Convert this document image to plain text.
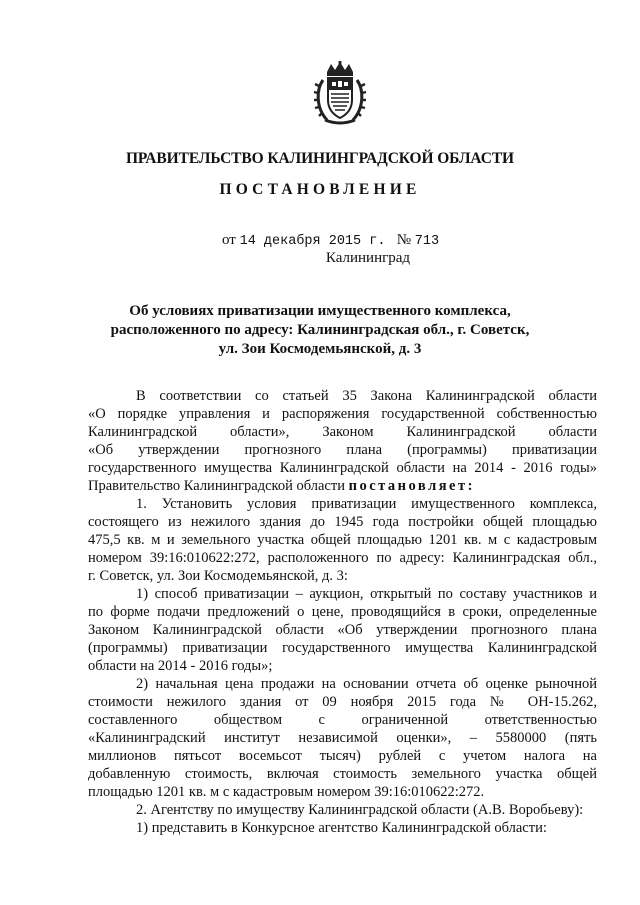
ПРАВИТЕЛЬСТВО КАЛИНИНГРАДСКОЙ ОБЛАСТИ
ПОСТАНОВЛЕНИЕ
от 14 декабря 2015 г. № 713
Калининград
Об условиях приватизации имущественного комплекса,
расположенного по адресу: Калининградская обл., г. Советск,
ул. Зои Космодемьянской, д. 3
В соответствии со статьей 35 Закона Калининградской области
«О порядке управления и распоряжения государственной собственностью
Калининградской области», Законом Калининградской области
«Об утверждении прогнозного плана (программы) приватизации
государственного имущества Калининградской области на 2014 - 2016 годы»
Правительство Калининградской области постановляет:
1. Установить условия приватизации имущественного комплекса,
состоящего из нежилого здания до 1945 года постройки общей площадью
475,5 кв. м и земельного участка общей площадью 1201 кв. м с кадастровым
номером 39:16:010622:272, расположенного по адресу: Калининградская обл.,
г. Советск, ул. Зои Космодемьянской, д. 3:
1) способ приватизации – аукцион, открытый по составу участников и
по форме подачи предложений о цене, проводящийся в сроки, определенные
Законом Калининградской области «Об утверждении прогнозного плана
(программы) приватизации государственного имущества Калининградской
области на 2014 - 2016 годы»;
2) начальная цена продажи на основании отчета об оценке рыночной
стоимости нежилого здания от 09 ноября 2015 года № ОН-15.262,
составленного обществом с ограниченной ответственностью
«Калининградский институт независимой оценки», – 5580000 (пять
миллионов пятьсот восемьсот тысяч) рублей с учетом налога на
добавленную стоимость, включая стоимость земельного участка общей
площадью 1201 кв. м с кадастровым номером 39:16:010622:272.
2. Агентству по имуществу Калининградской области (А.В. Воробьеву):
1) представить в Конкурсное агентство Калининградской области:
